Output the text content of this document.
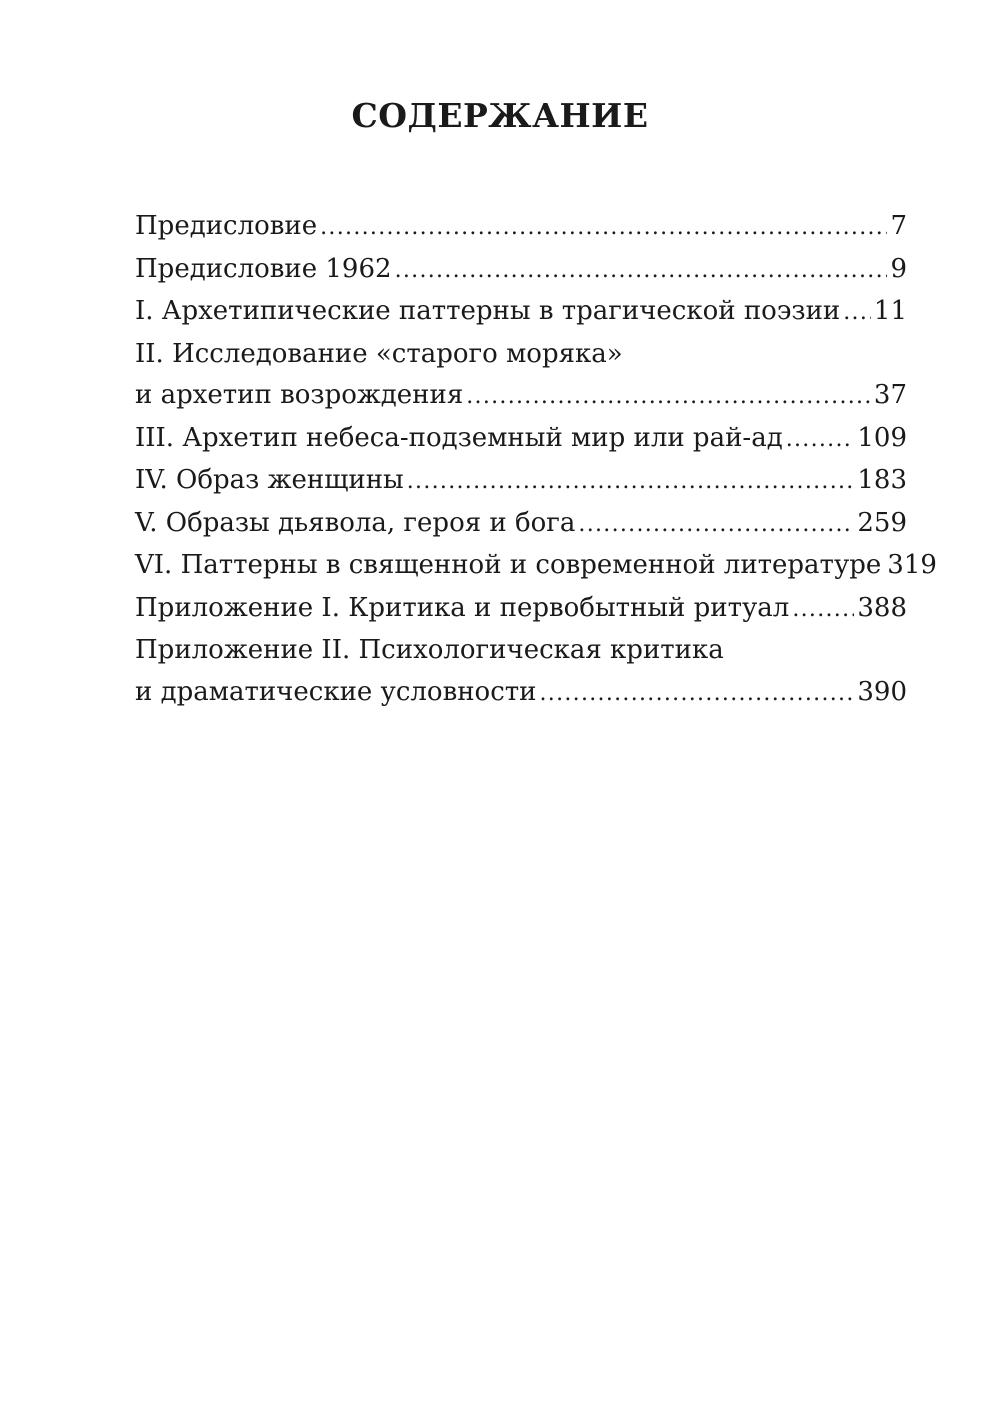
СОДЕРЖАНИЕ
Предисловие .....	7
Предисловие 1962 .....	9
I. Архетипические паттерны в трагической поэзии ..... 11
II. Исследование «старого моряка»
и архетип возрождения .....	37
III. Архетип небеса-подземный мир или рай-ад .....	109
IV. Образ женщины .....	183
V. Образы дьявола, героя и бога .....	259
VI. Паттерны в священной и современной литературе 319
Приложение I. Критика и первобытный ритуал .....	388
Приложение II. Психологическая критика
и драматические условности .....	390
